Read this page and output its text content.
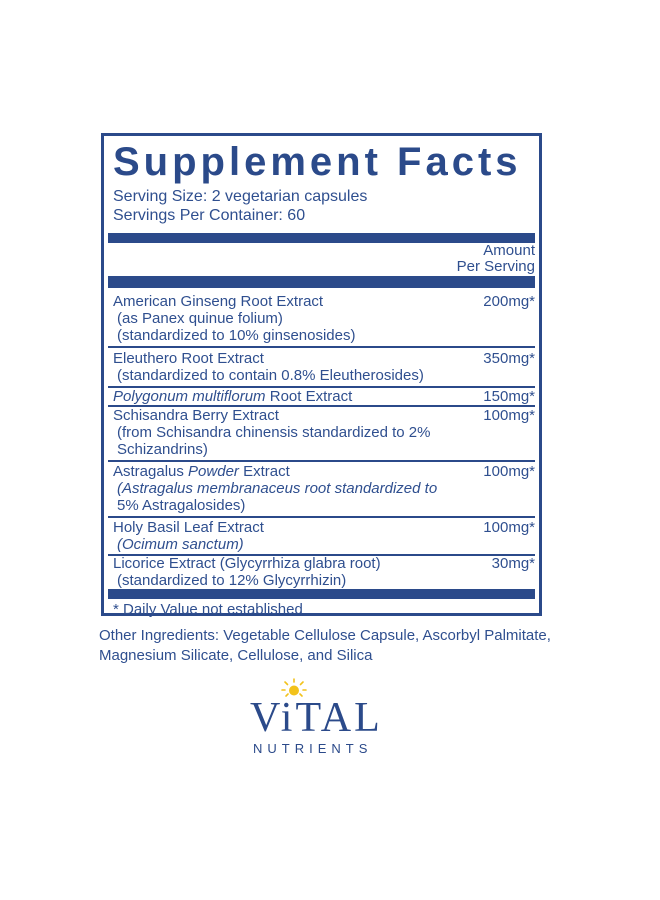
Supplement Facts
Serving Size: 2 vegetarian capsules
Servings Per Container: 60
Amount
Per Serving
American Ginseng Root Extract	200mg*
(as Panex quinue folium)
(standardized to 10% ginsenosides)
Eleuthero Root Extract	350mg*
(standardized to contain 0.8% Eleutherosides)
Polygonum multiflorum Root Extract	150mg*
Schisandra Berry Extract	100mg*
(from Schisandra chinensis standardized to 2%
Schizandrins)
Astragalus Powder Extract	100mg*
(Astragalus membranaceus root standardized to
5% Astragalosides)
Holy Basil Leaf Extract	100mg*
(Ocimum sanctum)
Licorice Extract (Glycyrrhiza glabra root)	30mg*
(standardized to 12% Glycyrrhizin)
* Daily Value not established
Other Ingredients: Vegetable Cellulose Capsule, Ascorbyl Palmitate, Magnesium Silicate, Cellulose, and Silica
ViTAL
NUTRIENTS
